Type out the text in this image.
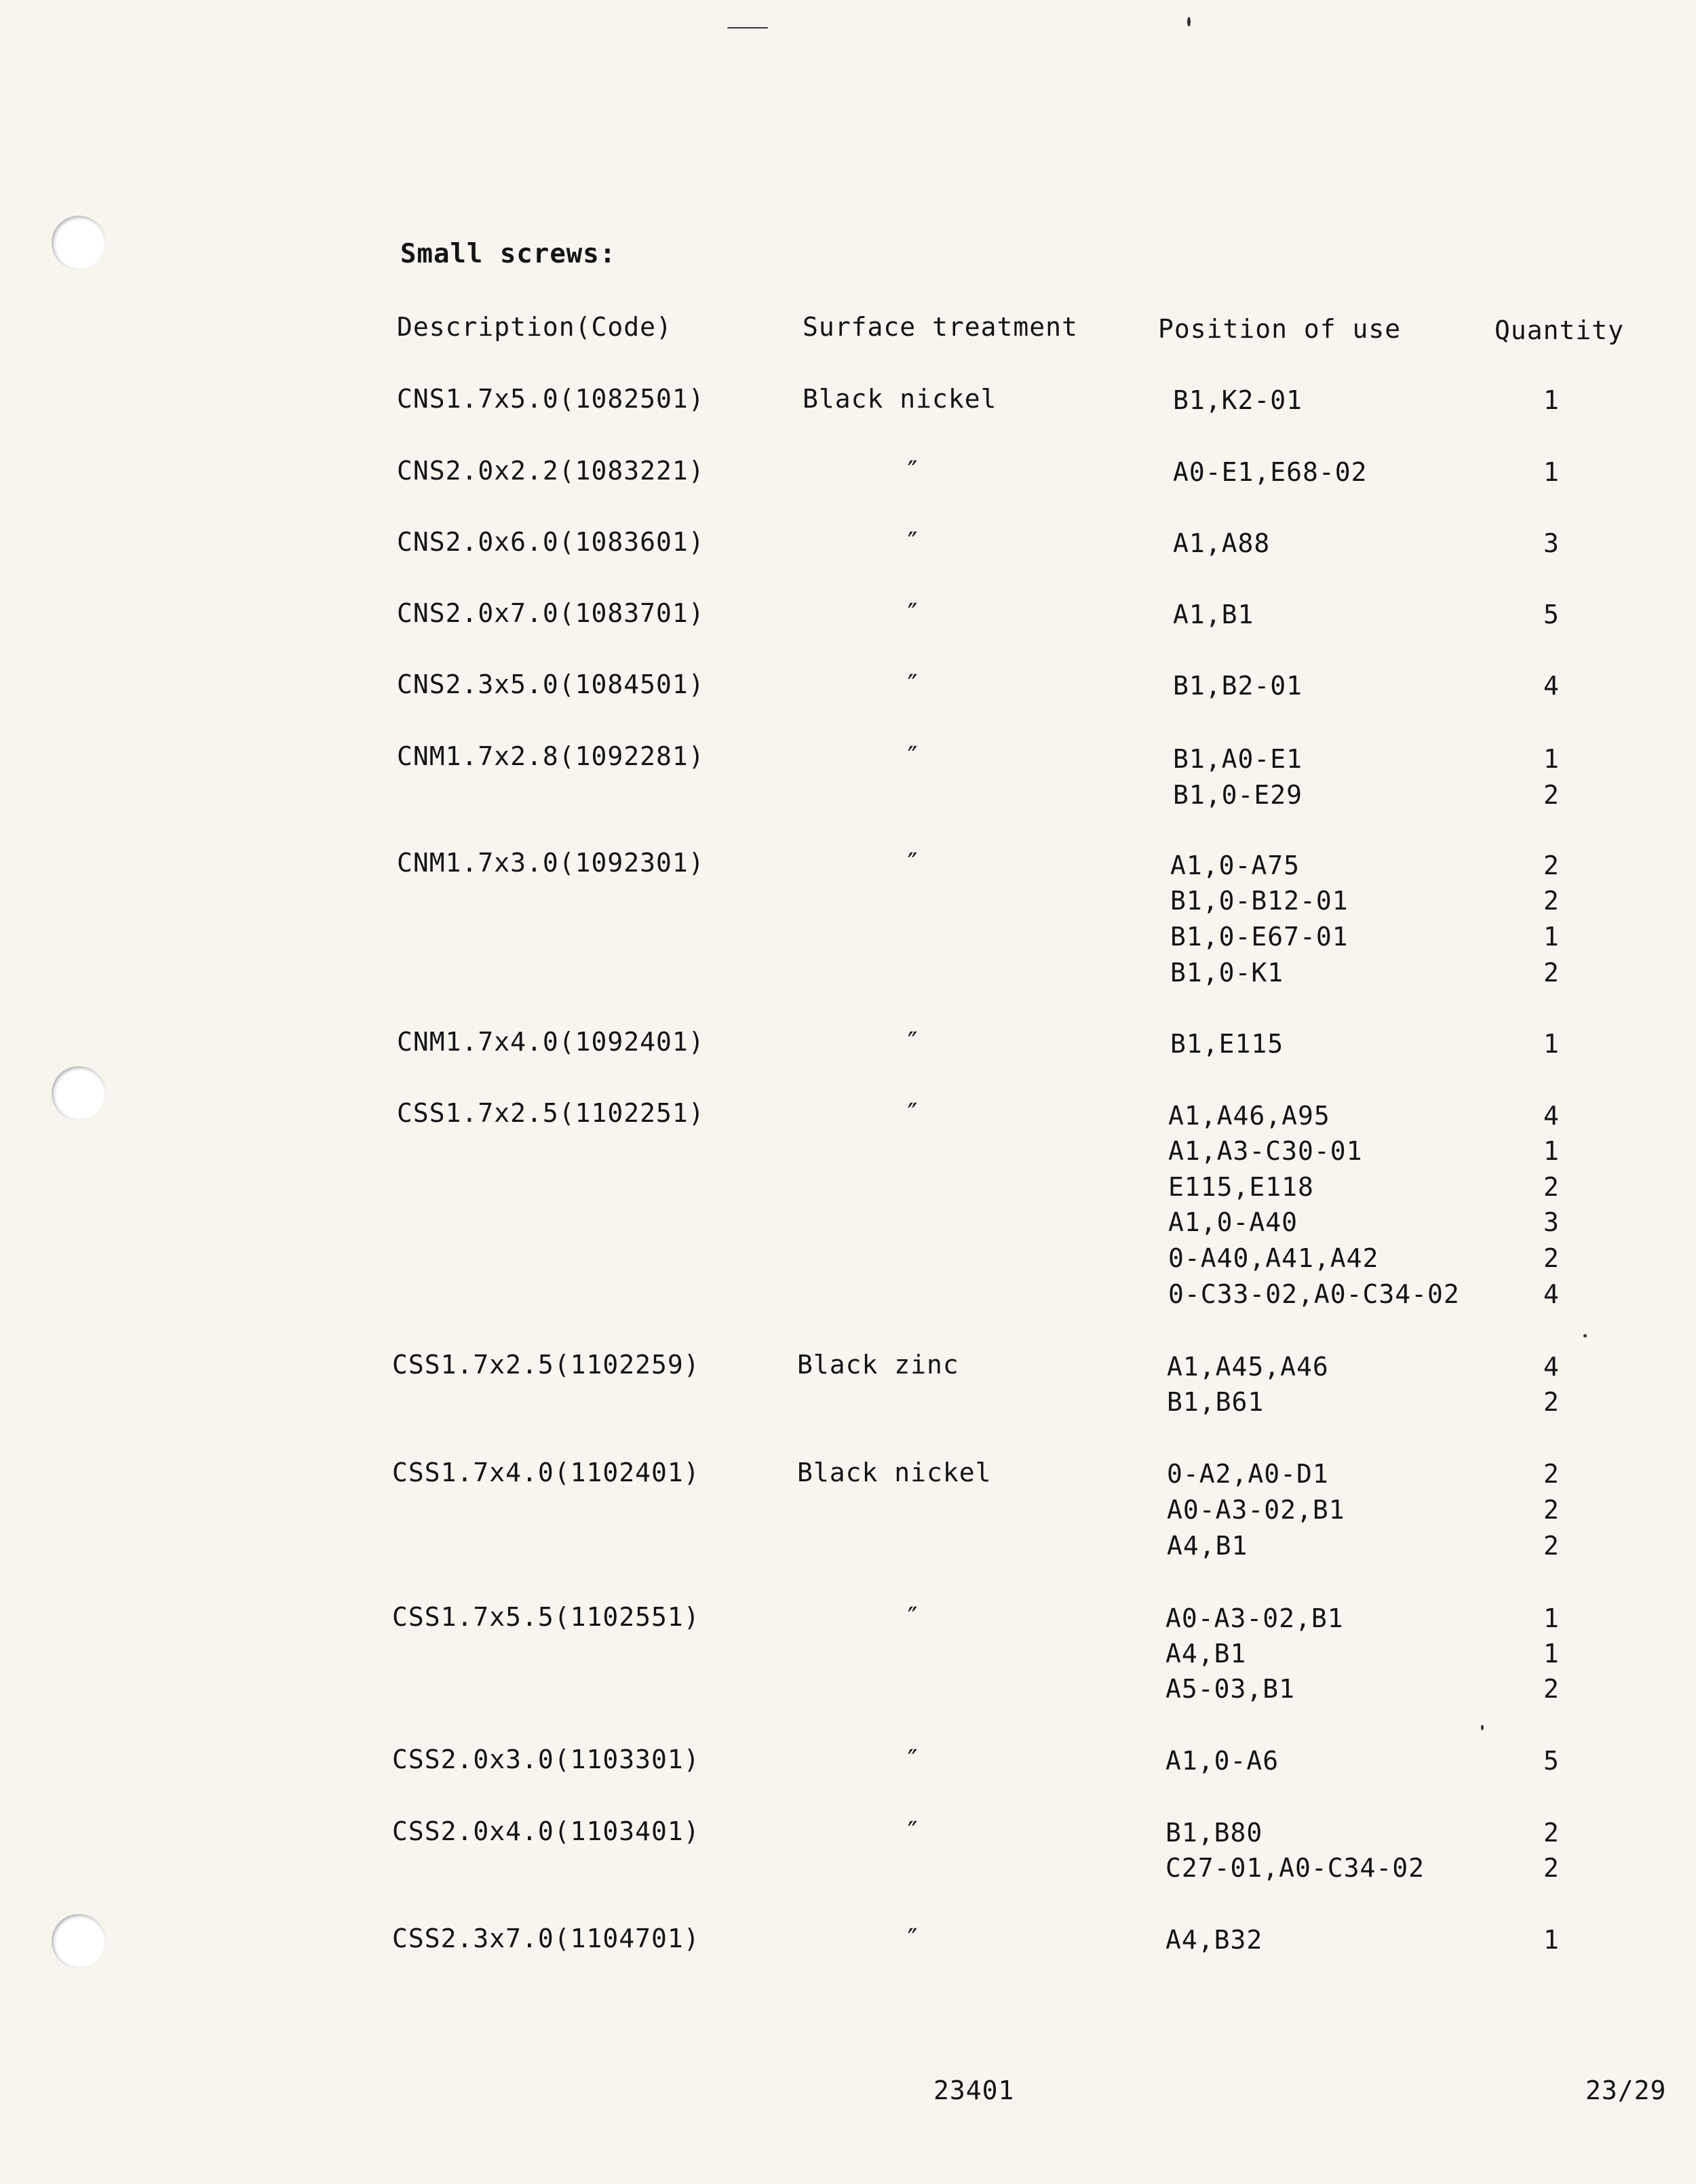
Small screws:
Description(Code)	Surface treatment	Position of use	Quantity
CNS1.7x5.0(1082501)	Black nickel	B1,K2-01	1
CNS2.0x2.2(1083221)	″	A0-E1,E68-02	1
CNS2.0x6.0(1083601)	″	A1,A88	3
CNS2.0x7.0(1083701)	″	A1,B1	5
CNS2.3x5.0(1084501)	″	B1,B2-01	4
CNM1.7x2.8(1092281)	″	B1,A0-E1	1
B1,0-E29	2
CNM1.7x3.0(1092301)	″	A1,0-A75	2
B1,0-B12-01	2
B1,0-E67-01	1
B1,0-K1	2
CNM1.7x4.0(1092401)	″	B1,E115	1
CSS1.7x2.5(1102251)	″	A1,A46,A95	4
A1,A3-C30-01	1
E115,E118	2
A1,0-A40	3
0-A40,A41,A42	2
0-C33-02,A0-C34-02	4
CSS1.7x2.5(1102259)	Black zinc	A1,A45,A46	4
B1,B61	2
CSS1.7x4.0(1102401)	Black nickel	0-A2,A0-D1	2
A0-A3-02,B1	2
A4,B1	2
CSS1.7x5.5(1102551)	″	A0-A3-02,B1	1
A4,B1	1
A5-03,B1	2
CSS2.0x3.0(1103301)	″	A1,0-A6	5
CSS2.0x4.0(1103401)	″	B1,B80	2
C27-01,A0-C34-02	2
CSS2.3x7.0(1104701)	″	A4,B32	1
23401	23/29
